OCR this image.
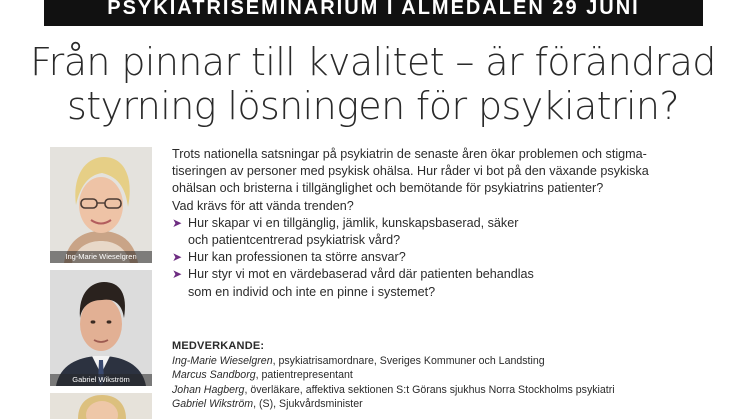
PSYKIATRISEMINARIUM I ALMEDALEN 29 JUNI
Från pinnar till kvalitet – är förändrad
styrning lösningen för psykiatrin?
Ing-Marie Wieselgren
Gabriel Wikström

Trots nationella satsningar på psykiatrin de senaste åren ökar problemen och stigma-

tiseringen av personer med psykisk ohälsa. Hur råder vi bot på den växande psykiska

ohälsan och bristerna i tillgänglighet och bemötande för psykiatrins patienter?

Vad krävs för att vända trenden?

➤ Hur skapar vi en tillgänglig, jämlik, kunskapsbaserad, säker
och patientcentrerad psykiatrisk vård?
➤ Hur kan professionen ta större ansvar?
➤ Hur styr vi mot en värdebaserad vård där patienten behandlas
som en individ och inte en pinne i systemet?
MEDVERKANDE:
Ing-Marie Wieselgren, psykiatrisamordnare, Sveriges Kommuner och Landsting
Marcus Sandborg, patientrepresentant
Johan Hagberg, överläkare, affektiva sektionen S:t Görans sjukhus Norra Stockholms psykiatri
Gabriel Wikström, (S), Sjukvårdsminister
